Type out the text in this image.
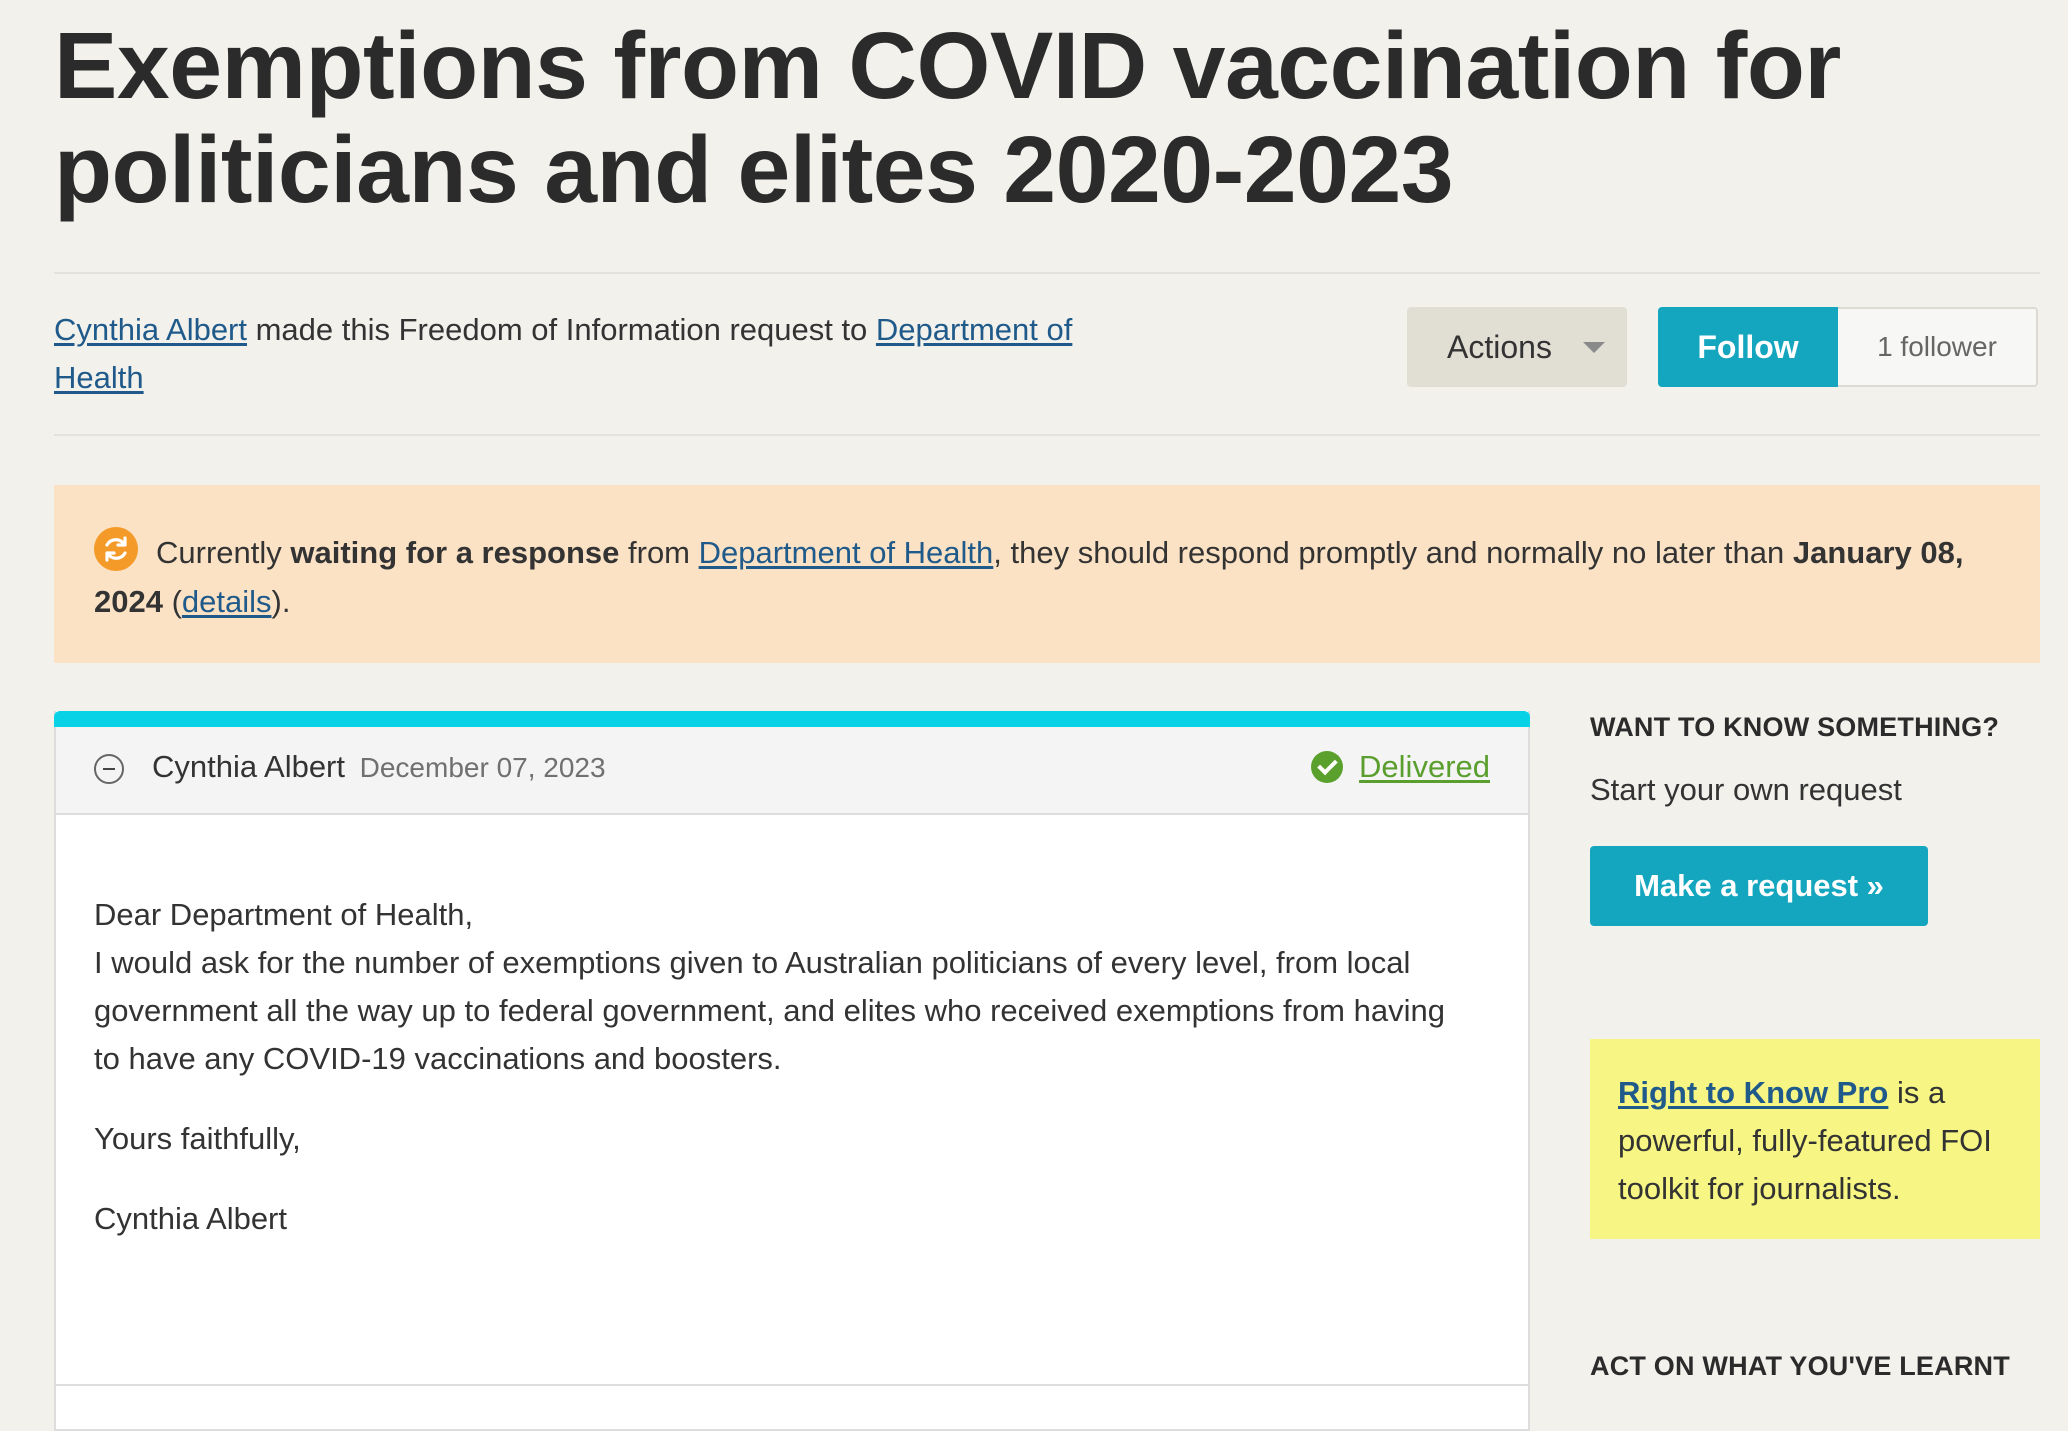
Exemptions from COVID vaccination for politicians and elites 2020-2023
Cynthia Albert made this Freedom of Information request to Department of Health
Actions	Follow	1 follower
Currently waiting for a response from Department of Health, they should respond promptly and normally no later than January 08, 2024 (details).
Cynthia Albert December 07, 2023	Delivered

Dear Department of Health,
I would ask for the number of exemptions given to Australian politicians of every level, from local government all the way up to federal government, and elites who received exemptions from having to have any COVID-19 vaccinations and boosters.

Yours faithfully,

Cynthia Albert

WANT TO KNOW SOMETHING?
Start your own request
Make a request »
Right to Know Pro is a powerful, fully-featured FOI toolkit for journalists.
ACT ON WHAT YOU'VE LEARNT
